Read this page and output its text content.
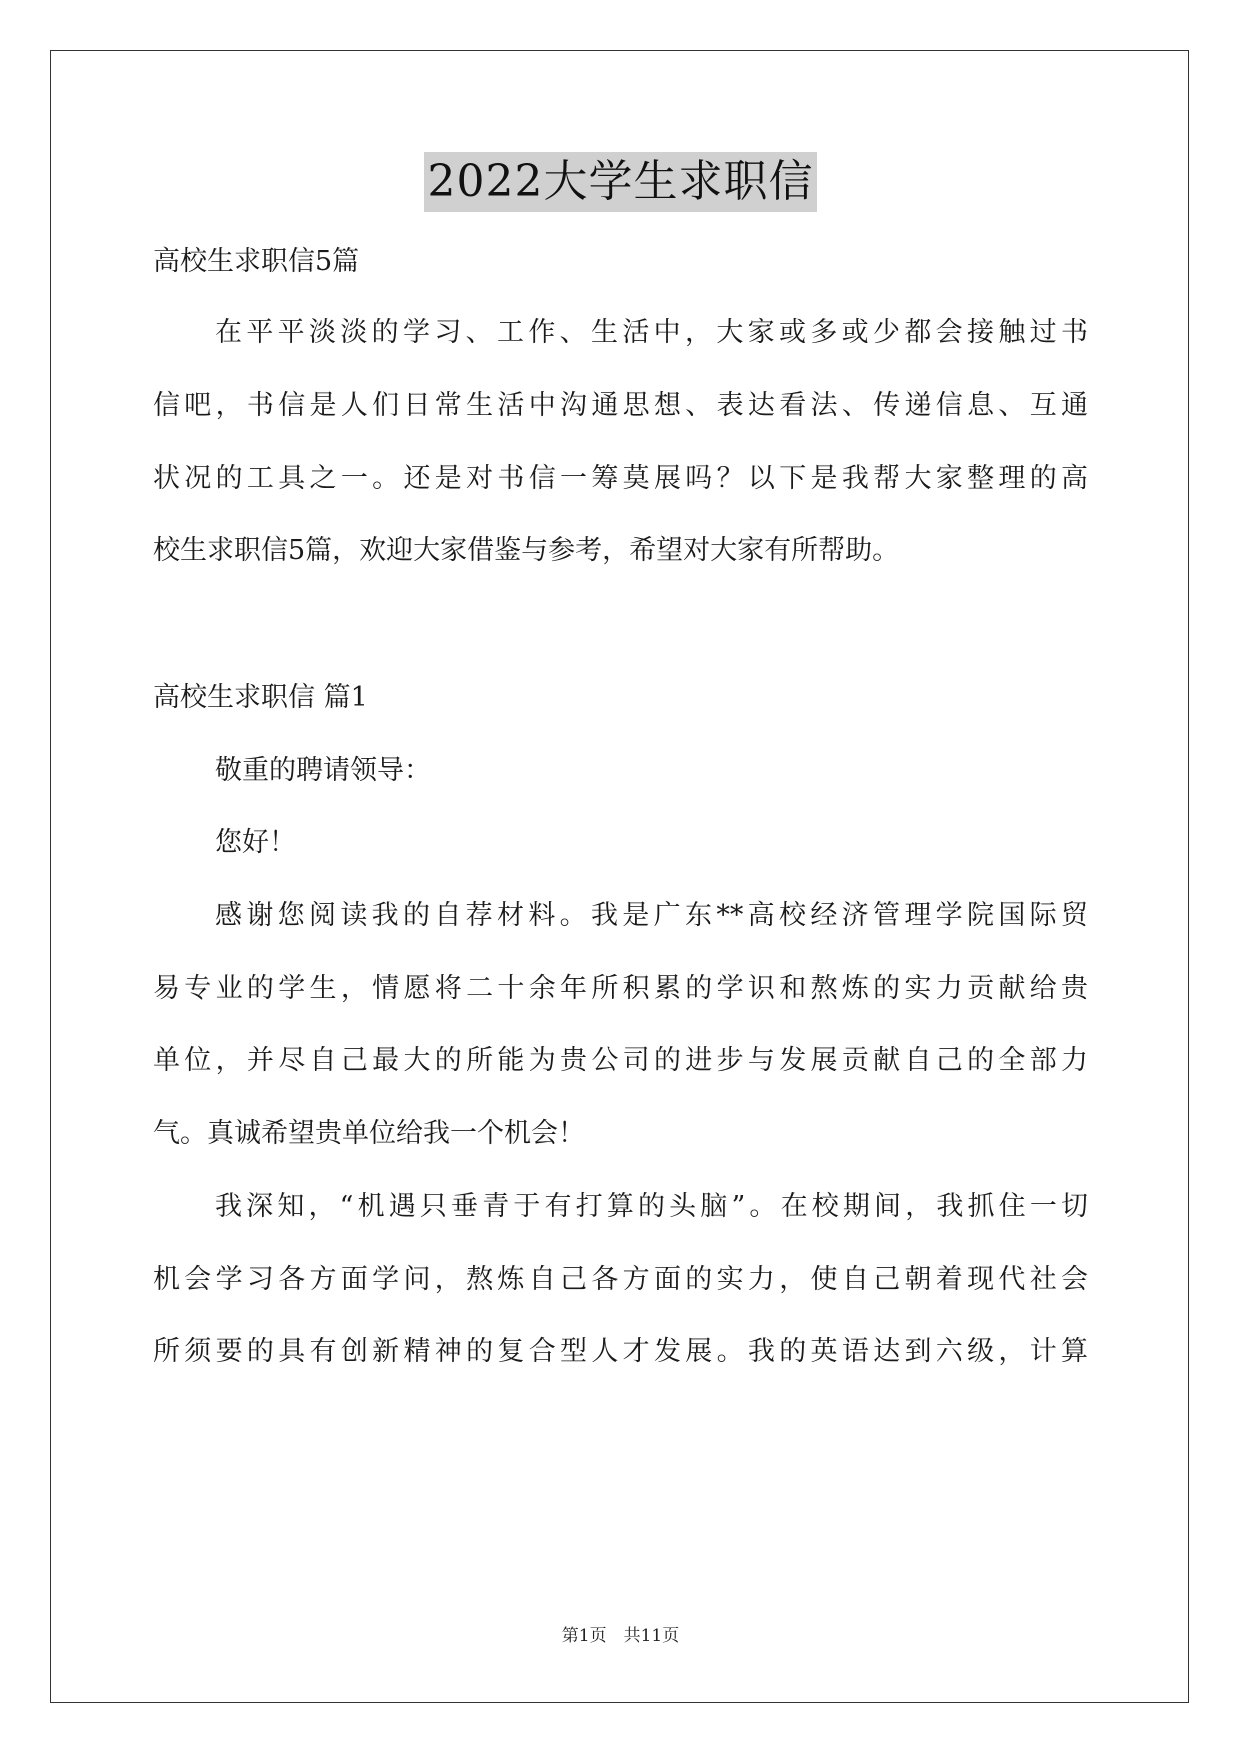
2022大学生求职信
高校生求职信5篇
在平平淡淡的学习、工作、生活中，大家或多或少都会接触过书
信吧，书信是人们日常生活中沟通思想、表达看法、传递信息、互通
状况的工具之一。还是对书信一筹莫展吗？以下是我帮大家整理的高
校生求职信5篇，欢迎大家借鉴与参考，希望对大家有所帮助。
高校生求职信 篇1
敬重的聘请领导：
您好！
感谢您阅读我的自荐材料。我是广东**高校经济管理学院国际贸
易专业的学生，情愿将二十余年所积累的学识和熬炼的实力贡献给贵
单位，并尽自己最大的所能为贵公司的进步与发展贡献自己的全部力
气。真诚希望贵单位给我一个机会！
我深知，“机遇只垂青于有打算的头脑”。在校期间，我抓住一切
机会学习各方面学问，熬炼自己各方面的实力，使自己朝着现代社会
所须要的具有创新精神的复合型人才发展。我的英语达到六级，计算
第1页　共11页
